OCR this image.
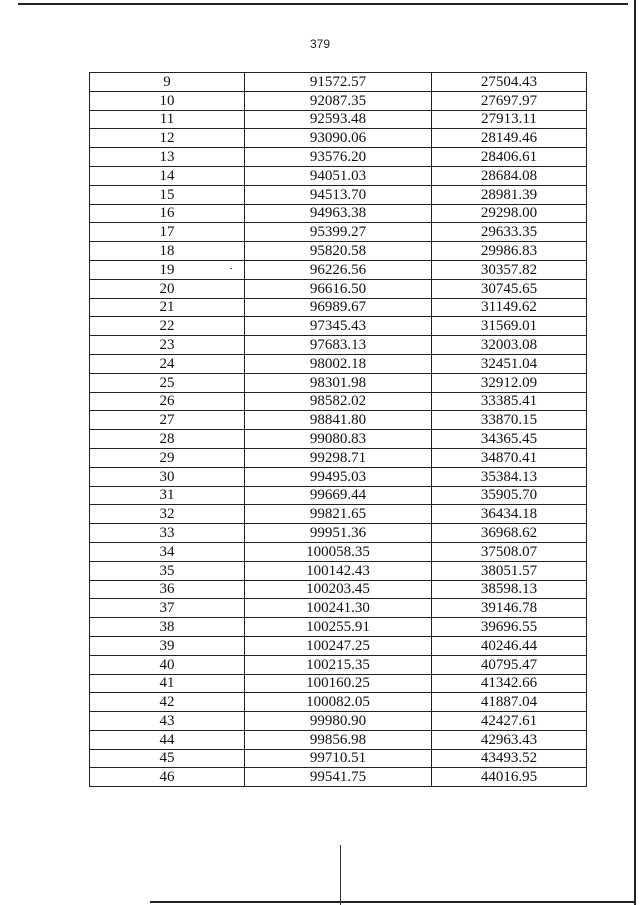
379
9	91572.57	27504.43
10	92087.35	27697.97
11	92593.48	27913.11
12	93090.06	28149.46
13	93576.20	28406.61
14	94051.03	28684.08
15	94513.70	28981.39
16	94963.38	29298.00
17	95399.27	29633.35
18	95820.58	29986.83
19	96226.56	30357.82
20	96616.50	30745.65
21	96989.67	31149.62
22	97345.43	31569.01
23	97683.13	32003.08
24	98002.18	32451.04
25	98301.98	32912.09
26	98582.02	33385.41
27	98841.80	33870.15
28	99080.83	34365.45
29	99298.71	34870.41
30	99495.03	35384.13
31	99669.44	35905.70
32	99821.65	36434.18
33	99951.36	36968.62
34	100058.35	37508.07
35	100142.43	38051.57
36	100203.45	38598.13
37	100241.30	39146.78
38	100255.91	39696.55
39	100247.25	40246.44
40	100215.35	40795.47
41	100160.25	41342.66
42	100082.05	41887.04
43	99980.90	42427.61
44	99856.98	42963.43
45	99710.51	43493.52
46	99541.75	44016.95
